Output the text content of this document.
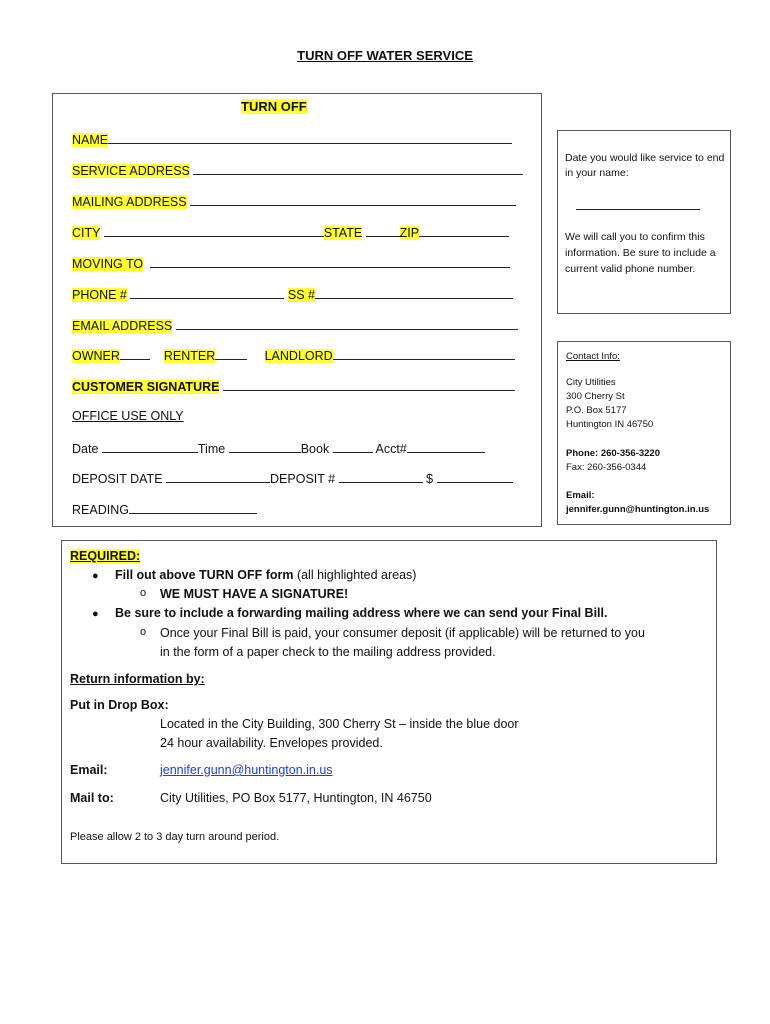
TURN OFF WATER SERVICE
TURN OFF
NAME
SERVICE ADDRESS
MAILING ADDRESS
CITY	STATE	ZIP
MOVING TO
PHONE #	SS #
EMAIL ADDRESS
OWNER	RENTER	LANDLORD
CUSTOMER SIGNATURE
OFFICE USE ONLY
Date	Time	Book	Acct#
DEPOSIT DATE	DEPOSIT #	$
READING
Date you would like service to end in your name:
We will call you to confirm this information. Be sure to include a current valid phone number.
Contact Info:
City Utilities
300 Cherry St
P.O. Box 5177
Huntington IN 46750
Phone: 260-356-3220
Fax: 260-356-0344
Email:
jennifer.gunn@huntington.in.us
REQUIRED:
● Fill out above TURN OFF form (all highlighted areas)
o WE MUST HAVE A SIGNATURE!
● Be sure to include a forwarding mailing address where we can send your Final Bill.
o Once your Final Bill is paid, your consumer deposit (if applicable) will be returned to you
in the form of a paper check to the mailing address provided.
Return information by:
Put in Drop Box:
Located in the City Building, 300 Cherry St – inside the blue door
24 hour availability. Envelopes provided.
Email:	jennifer.gunn@huntington.in.us
Mail to:	City Utilities, PO Box 5177, Huntington, IN 46750
Please allow 2 to 3 day turn around period.
